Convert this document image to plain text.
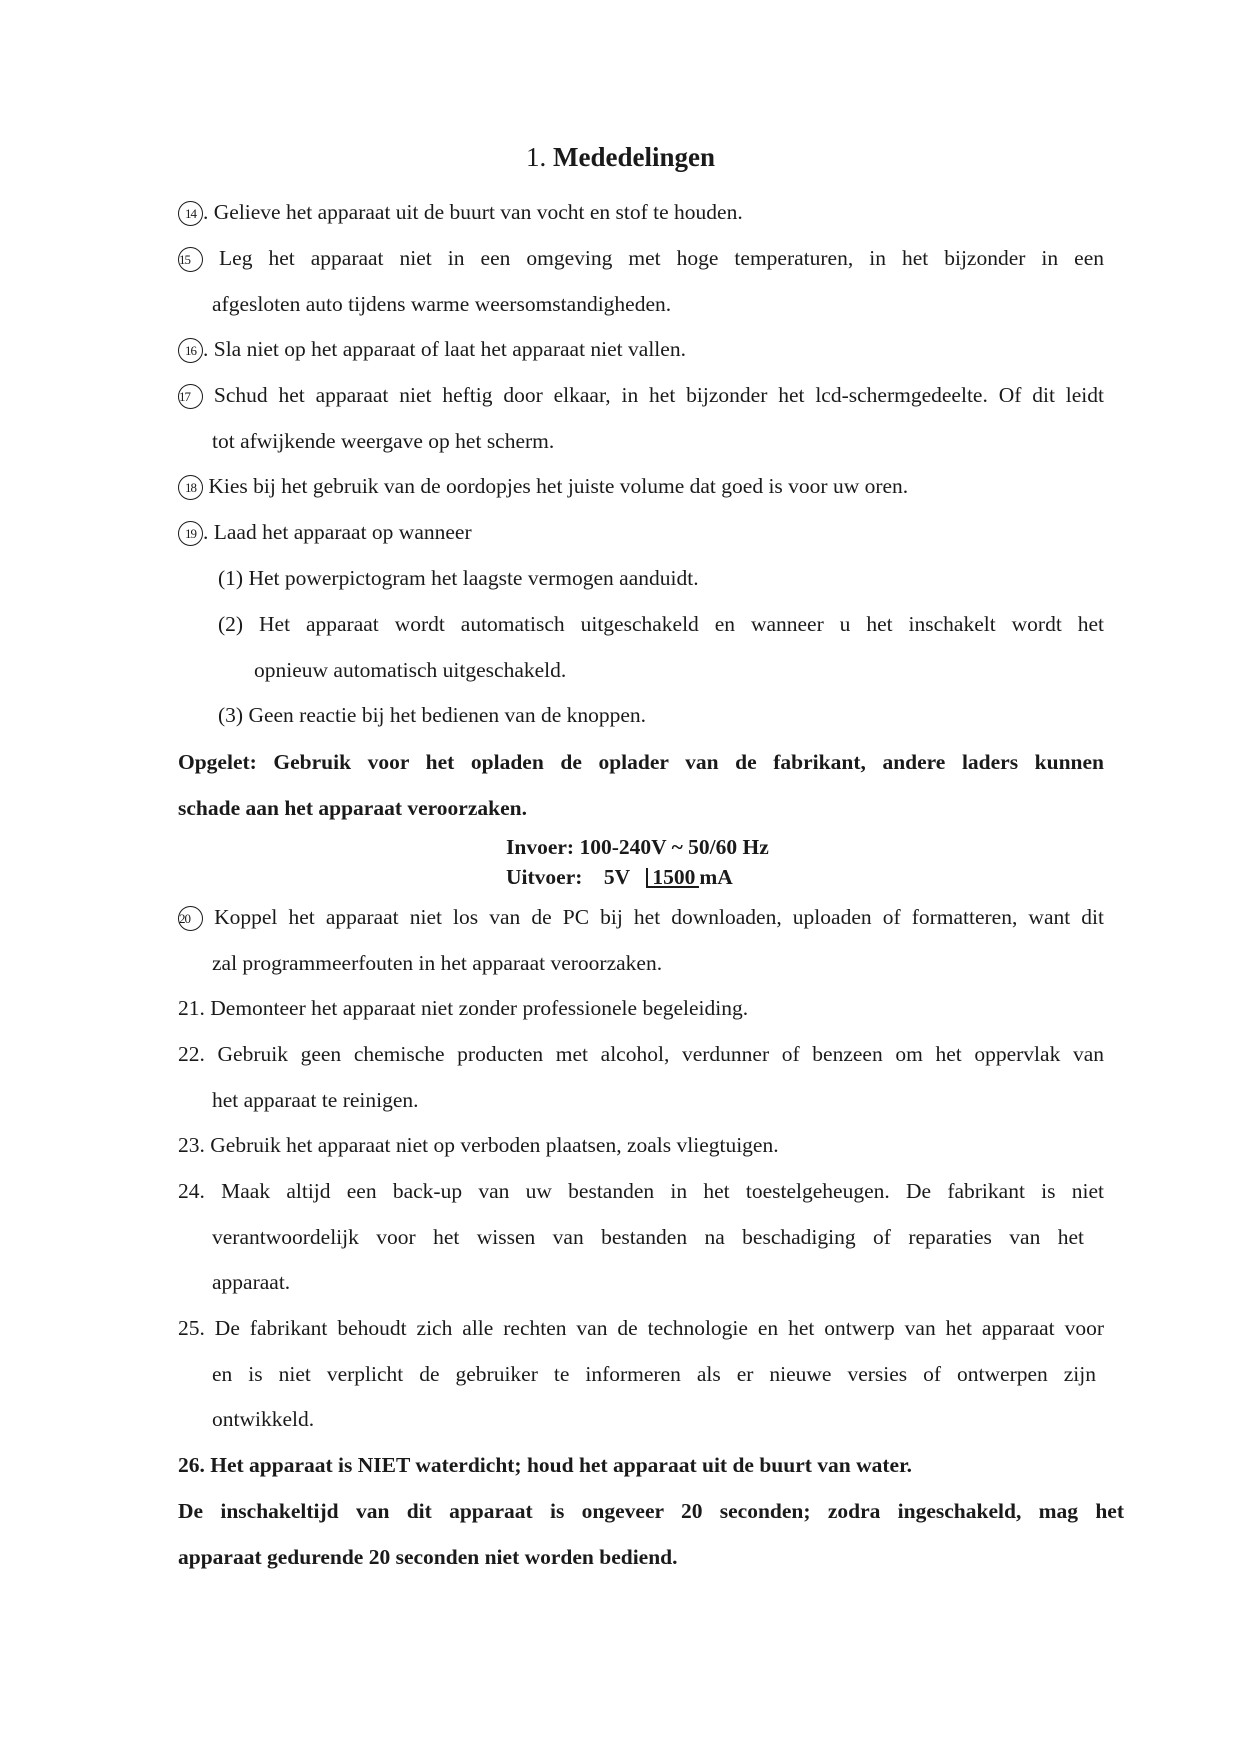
1. Mededelingen
14 . Gelieve het apparaat uit de buurt van vocht en stof te houden.
15 Leg het apparaat niet in een omgeving met hoge temperaturen, in het bijzonder in een
afgesloten auto tijdens warme weersomstandigheden.
16 . Sla niet op het apparaat of laat het apparaat niet vallen.
17 Schud het apparaat niet heftig door elkaar, in het bijzonder het lcd-schermgedeelte. Of dit leidt
tot afwijkende weergave op het scherm.
18 Kies bij het gebruik van de oordopjes het juiste volume dat goed is voor uw oren.
19 . Laad het apparaat op wanneer
(1) Het powerpictogram het laagste vermogen aanduidt.
(2) Het apparaat wordt automatisch uitgeschakeld en wanneer u het inschakelt wordt het
opnieuw automatisch uitgeschakeld.
(3) Geen reactie bij het bedienen van de knoppen.
Opgelet: Gebruik voor het opladen de oplader van de fabrikant, andere laders kunnen
schade aan het apparaat veroorzaken.
Invoer: 100-240V ~ 50/60 Hz
Uitvoer: 5V 1500 mA
20 Koppel het apparaat niet los van de PC bij het downloaden, uploaden of formatteren, want dit
zal programmeerfouten in het apparaat veroorzaken.
21. Demonteer het apparaat niet zonder professionele begeleiding.
22. Gebruik geen chemische producten met alcohol, verdunner of benzeen om het oppervlak van
het apparaat te reinigen.
23. Gebruik het apparaat niet op verboden plaatsen, zoals vliegtuigen.
24. Maak altijd een back-up van uw bestanden in het toestelgeheugen. De fabrikant is niet
verantwoordelijk voor het wissen van bestanden na beschadiging of reparaties van het
apparaat.
25. De fabrikant behoudt zich alle rechten van de technologie en het ontwerp van het apparaat voor
en is niet verplicht de gebruiker te informeren als er nieuwe versies of ontwerpen zijn
ontwikkeld.
26. Het apparaat is NIET waterdicht; houd het apparaat uit de buurt van water.
De inschakeltijd van dit apparaat is ongeveer 20 seconden; zodra ingeschakeld, mag het
apparaat gedurende 20 seconden niet worden bediend.
